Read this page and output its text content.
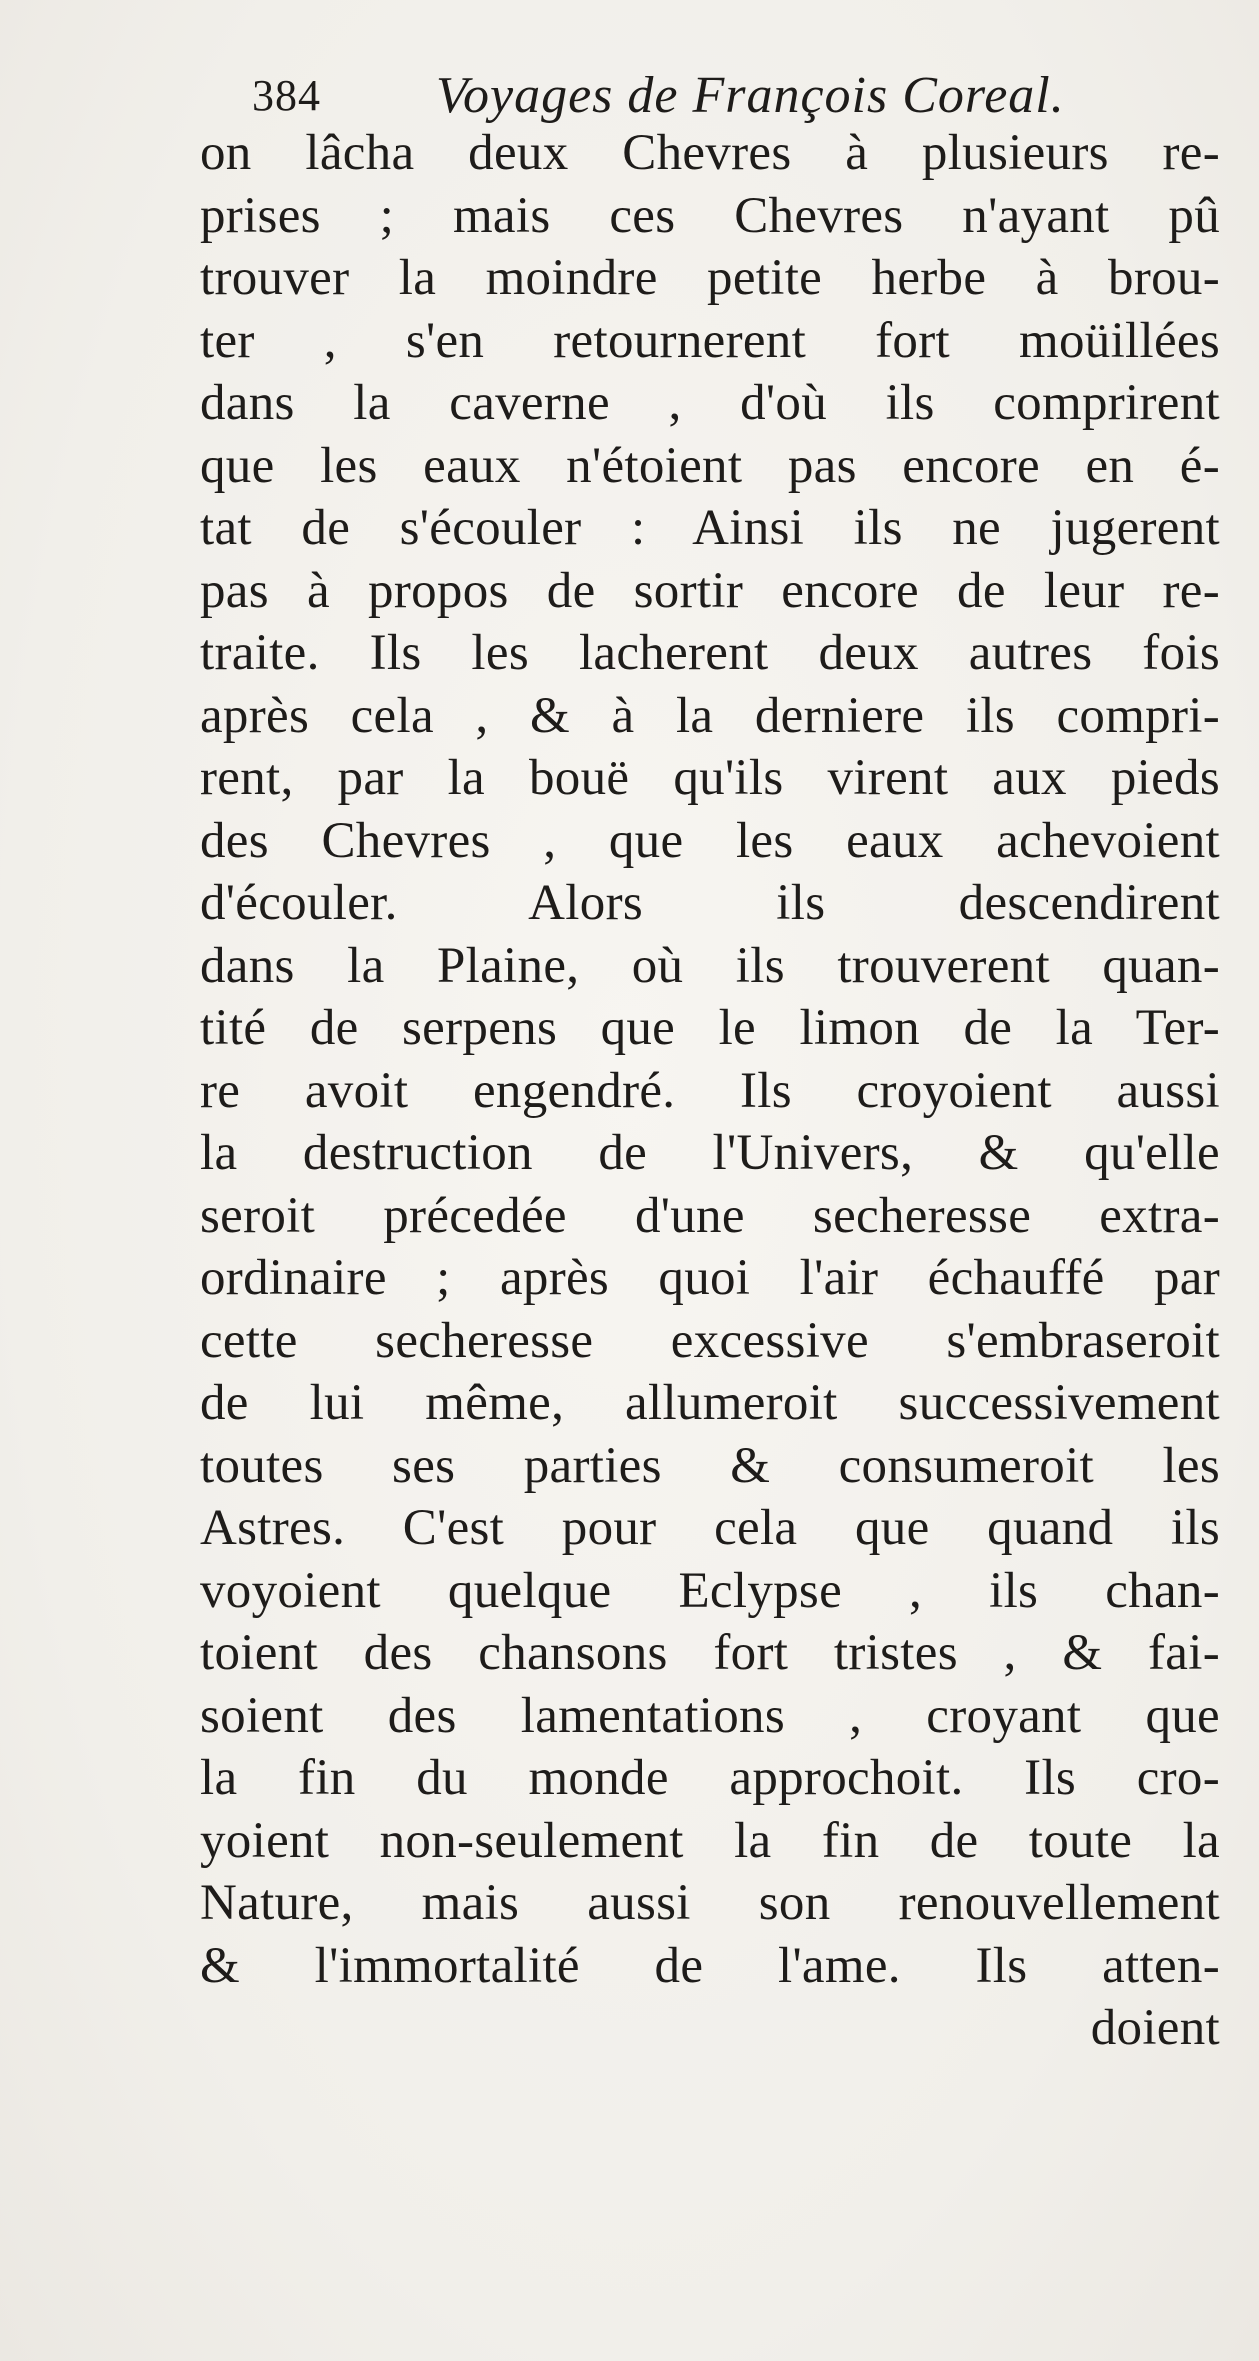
384 Voyages de François Coreal.
on lâcha deux Chevres à plusieurs re-
prises ; mais ces Chevres n'ayant pû
trouver la moindre petite herbe à brou-
ter , s'en retournerent fort moüillées
dans la caverne , d'où ils comprirent
que les eaux n'étoient pas encore en é-
tat de s'écouler : Ainsi ils ne jugerent
pas à propos de sortir encore de leur re-
traite. Ils les lacherent deux autres fois
après cela , & à la derniere ils compri-
rent, par la bouë qu'ils virent aux pieds
des Chevres , que les eaux achevoient
d'écouler. Alors ils descendirent
dans la Plaine, où ils trouverent quan-
tité de serpens que le limon de la Ter-
re avoit engendré. Ils croyoient aussi
la destruction de l'Univers, & qu'elle
seroit précedée d'une secheresse extra-
ordinaire ; après quoi l'air échauffé par
cette secheresse excessive s'embraseroit
de lui même, allumeroit successivement
toutes ses parties & consumeroit les
Astres. C'est pour cela que quand ils
voyoient quelque Eclypse , ils chan-
toient des chansons fort tristes , & fai-
soient des lamentations , croyant que
la fin du monde approchoit. Ils cro-
yoient non-seulement la fin de toute la
Nature, mais aussi son renouvellement
& l'immortalité de l'ame. Ils atten-
doient
